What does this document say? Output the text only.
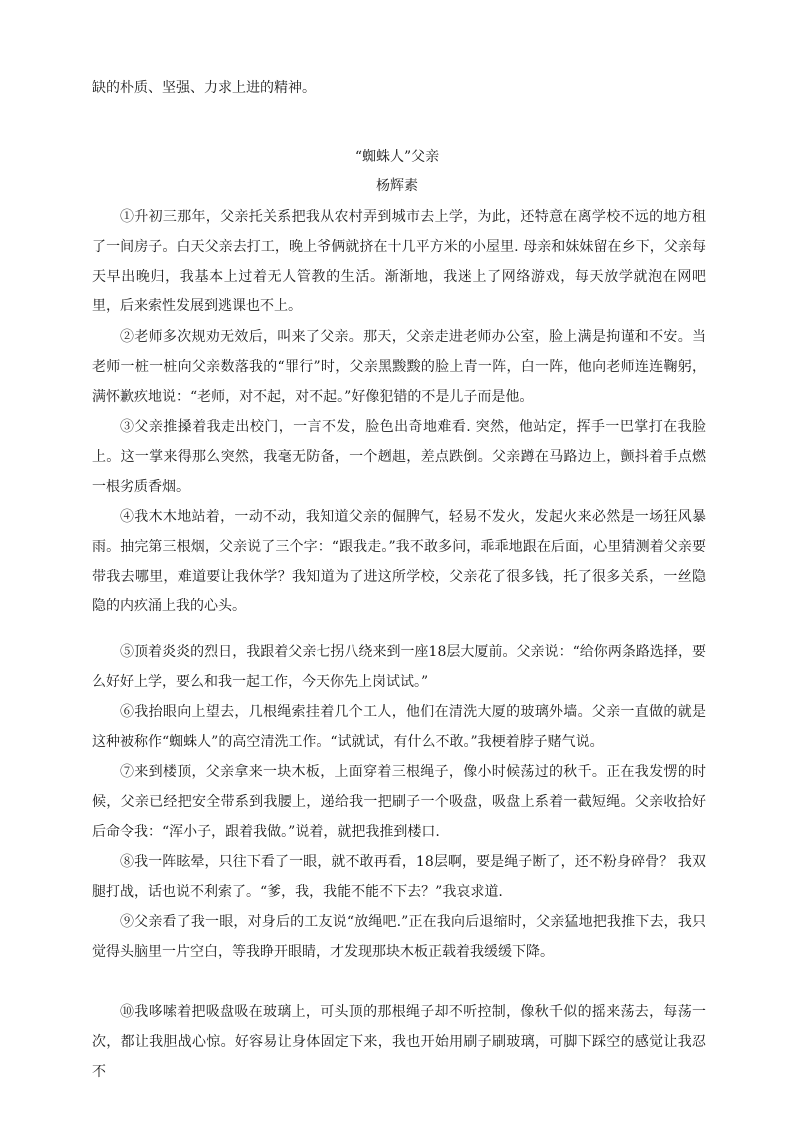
缺的朴质、坚强、力求上进的精神。
“蜘蛛人”父亲
杨辉素

①升初三那年，父亲托关系把我从农村弄到城市去上学，为此，还特意在离学校不远的地方租了一间房子。白天父亲去打工，晚上爷俩就挤在十几平方米的小屋里. 母亲和妹妹留在乡下，父亲每天早出晚归，我基本上过着无人管教的生活。渐渐地，我迷上了网络游戏，每天放学就泡在网吧里，后来索性发展到逃课也不上。

②老师多次规劝无效后，叫来了父亲。那天，父亲走进老师办公室，脸上满是拘谨和不安。当老师一桩一桩向父亲数落我的“罪行”时，父亲黑黢黢的脸上青一阵，白一阵，他向老师连连鞠躬，满怀歉疚地说：“老师，对不起，对不起。”好像犯错的不是儿子而是他。

③父亲推搡着我走出校门，一言不发，脸色出奇地难看. 突然，他站定，挥手一巴掌打在我脸上。这一掌来得那么突然，我毫无防备，一个趔趄，差点跌倒。父亲蹲在马路边上，颤抖着手点燃一根劣质香烟。

④我木木地站着，一动不动，我知道父亲的倔脾气，轻易不发火，发起火来必然是一场狂风暴雨。抽完第三根烟，父亲说了三个字：“跟我走。”我不敢多问，乖乖地跟在后面，心里猜测着父亲要带我去哪里，难道要让我休学？我知道为了进这所学校，父亲花了很多钱，托了很多关系，一丝隐隐的内疚涌上我的心头。

⑤顶着炎炎的烈日，我跟着父亲七拐八绕来到一座18层大厦前。父亲说：“给你两条路选择，要么好好上学，要么和我一起工作，今天你先上岗试试。”

⑥我抬眼向上望去，几根绳索挂着几个工人，他们在清洗大厦的玻璃外墙。父亲一直做的就是这种被称作“蜘蛛人”的高空清洗工作。“试就试，有什么不敢。”我梗着脖子赌气说。

⑦来到楼顶，父亲拿来一块木板，上面穿着三根绳子，像小时候荡过的秋千。正在我发愣的时候，父亲已经把安全带系到我腰上，递给我一把刷子一个吸盘，吸盘上系着一截短绳。父亲收拾好后命令我：“浑小子，跟着我做。”说着，就把我推到楼口.

⑧我一阵眩晕，只往下看了一眼，就不敢再看，18层啊，要是绳子断了，还不粉身碎骨？ 我双腿打战，话也说不利索了。“爹，我，我能不能不下去？”我哀求道.

⑨父亲看了我一眼，对身后的工友说“放绳吧.”正在我向后退缩时，父亲猛地把我推下去，我只觉得头脑里一片空白，等我睁开眼睛，才发现那块木板正载着我缓缓下降。

⑩我哆嗦着把吸盘吸在玻璃上，可头顶的那根绳子却不听控制，像秋千似的摇来荡去，每荡一次，都让我胆战心惊。好容易让身体固定下来，我也开始用刷子刷玻璃，可脚下踩空的感觉让我忍不
